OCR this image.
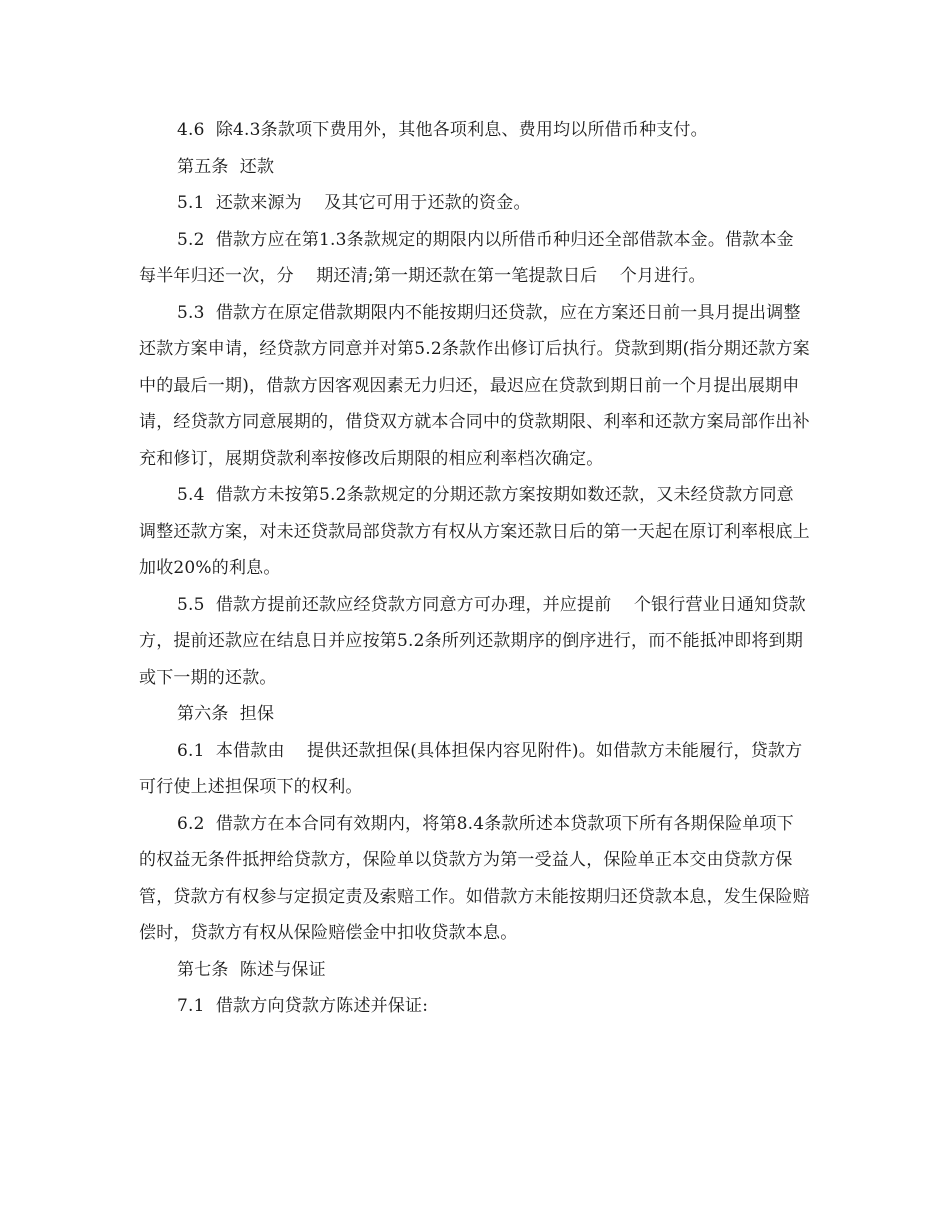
4.6  除4.3条款项下费用外，其他各项利息、费用均以所借币种支付。

第五条  还款

5.1  还款来源为    及其它可用于还款的资金。

5.2  借款方应在第1.3条款规定的期限内以所借币种归还全部借款本金。借款本金每半年归还一次，分    期还清;第一期还款在第一笔提款日后    个月进行。

5.3  借款方在原定借款期限内不能按期归还贷款，应在方案还日前一具月提出调整还款方案申请，经贷款方同意并对第5.2条款作出修订后执行。贷款到期(指分期还款方案中的最后一期)，借款方因客观因素无力归还，最迟应在贷款到期日前一个月提出展期申请，经贷款方同意展期的，借贷双方就本合同中的贷款期限、利率和还款方案局部作出补充和修订，展期贷款利率按修改后期限的相应利率档次确定。

5.4  借款方未按第5.2条款规定的分期还款方案按期如数还款，又未经贷款方同意调整还款方案，对未还贷款局部贷款方有权从方案还款日后的第一天起在原订利率根底上加收20%的利息。

5.5  借款方提前还款应经贷款方同意方可办理，并应提前    个银行营业日通知贷款方，提前还款应在结息日并应按第5.2条所列还款期序的倒序进行，而不能抵冲即将到期或下一期的还款。

第六条  担保

6.1  本借款由    提供还款担保(具体担保内容见附件)。如借款方未能履行，贷款方可行使上述担保项下的权利。

6.2  借款方在本合同有效期内，将第8.4条款所述本贷款项下所有各期保险单项下的权益无条件抵押给贷款方，保险单以贷款方为第一受益人，保险单正本交由贷款方保管，贷款方有权参与定损定责及索赔工作。如借款方未能按期归还贷款本息，发生保险赔偿时，贷款方有权从保险赔偿金中扣收贷款本息。

第七条  陈述与保证

7.1  借款方向贷款方陈述并保证:
